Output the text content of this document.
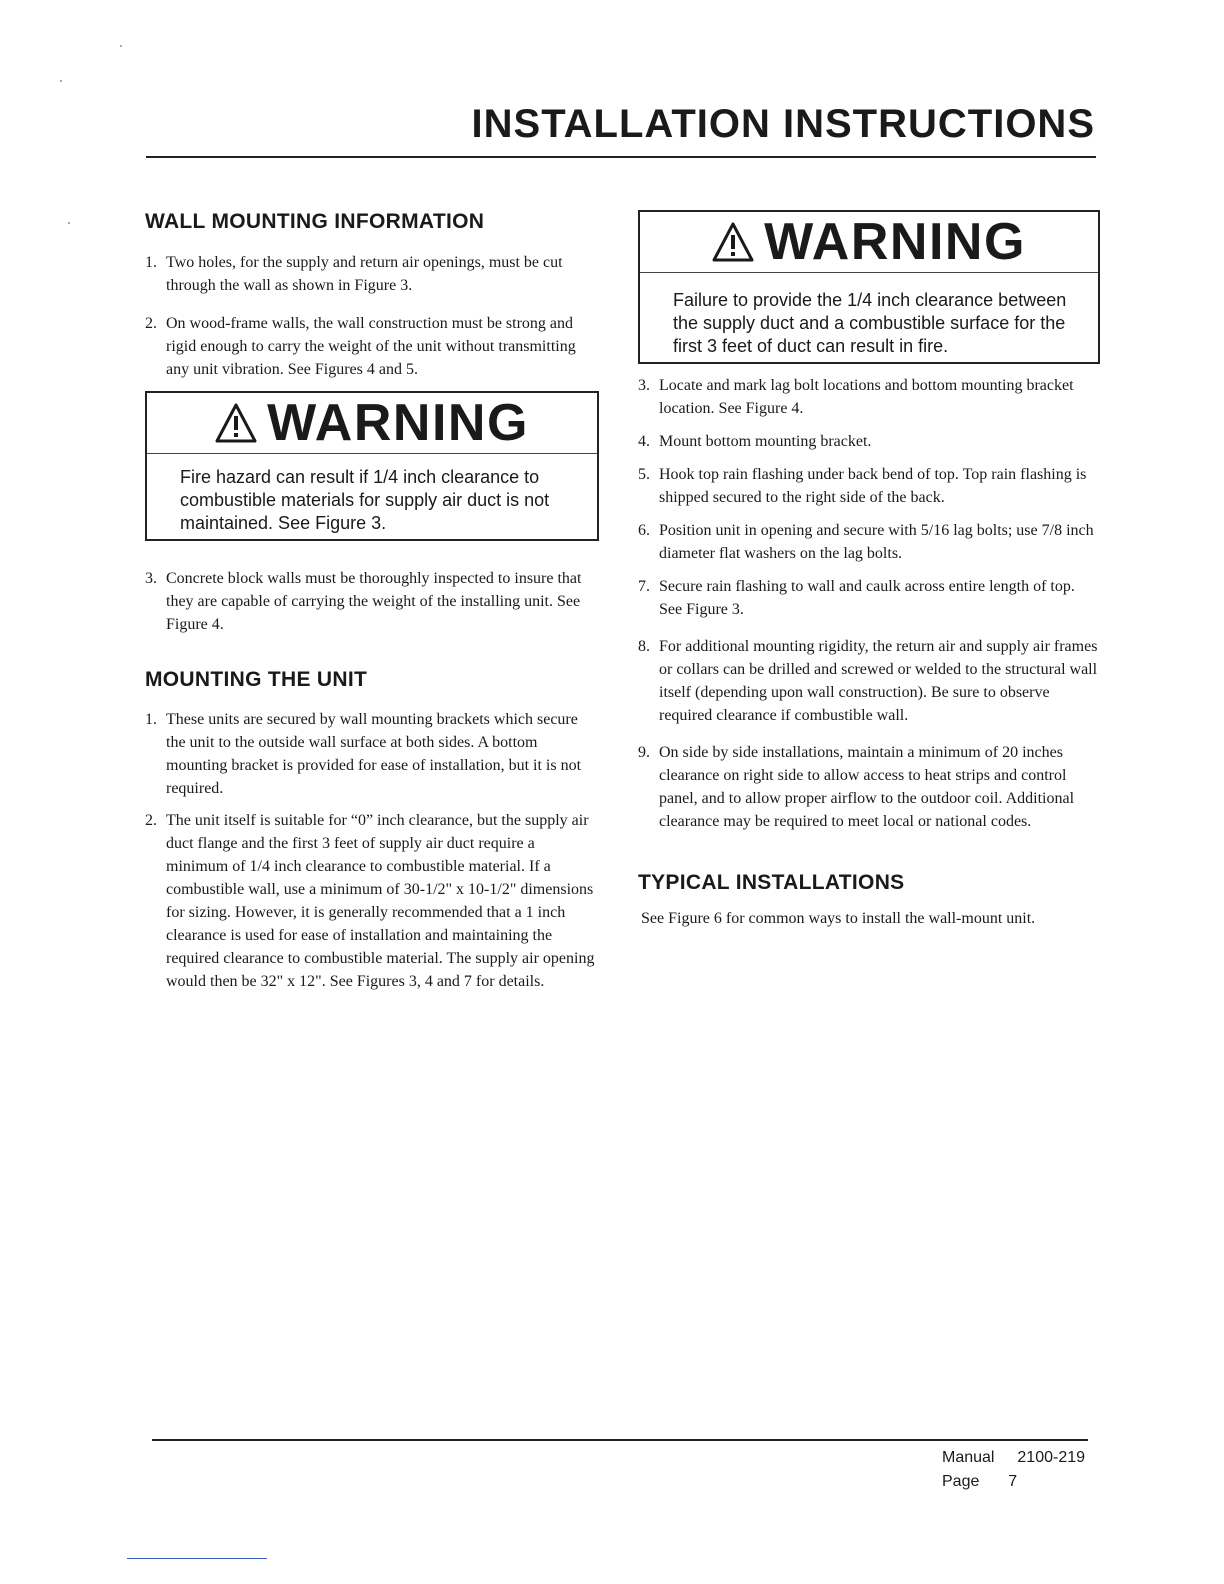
INSTALLATION INSTRUCTIONS
WALL MOUNTING INFORMATION
1. Two holes, for the supply and return air openings, must be cut through the wall as shown in Figure 3.
2. On wood-frame walls, the wall construction must be strong and rigid enough to carry the weight of the unit without transmitting any unit vibration. See Figures 4 and 5.
WARNING
Fire hazard can result if 1/4 inch clearance to combustible materials for supply air duct is not maintained. See Figure 3.
3. Concrete block walls must be thoroughly inspected to insure that they are capable of carrying the weight of the installing unit. See Figure 4.
MOUNTING THE UNIT
1. These units are secured by wall mounting brackets which secure the unit to the outside wall surface at both sides. A bottom mounting bracket is provided for ease of installation, but it is not required.
2. The unit itself is suitable for “0” inch clearance, but the supply air duct flange and the first 3 feet of supply air duct require a minimum of 1/4 inch clearance to combustible material. If a combustible wall, use a minimum of 30-1/2" x 10-1/2" dimensions for sizing. However, it is generally recommended that a 1 inch clearance is used for ease of installation and maintaining the required clearance to combustible material. The supply air opening would then be 32" x 12". See Figures 3, 4 and 7 for details.
WARNING
Failure to provide the 1/4 inch clearance between the supply duct and a combustible surface for the first 3 feet of duct can result in fire.
3. Locate and mark lag bolt locations and bottom mounting bracket location. See Figure 4.
4. Mount bottom mounting bracket.
5. Hook top rain flashing under back bend of top. Top rain flashing is shipped secured to the right side of the back.
6. Position unit in opening and secure with 5/16 lag bolts; use 7/8 inch diameter flat washers on the lag bolts.
7. Secure rain flashing to wall and caulk across entire length of top. See Figure 3.
8. For additional mounting rigidity, the return air and supply air frames or collars can be drilled and screwed or welded to the structural wall itself (depending upon wall construction). Be sure to observe required clearance if combustible wall.
9. On side by side installations, maintain a minimum of 20 inches clearance on right side to allow access to heat strips and control panel, and to allow proper airflow to the outdoor coil. Additional clearance may be required to meet local or national codes.
TYPICAL INSTALLATIONS

See Figure 6 for common ways to install the wall-mount unit.

Manual 2100-219
Page 7
